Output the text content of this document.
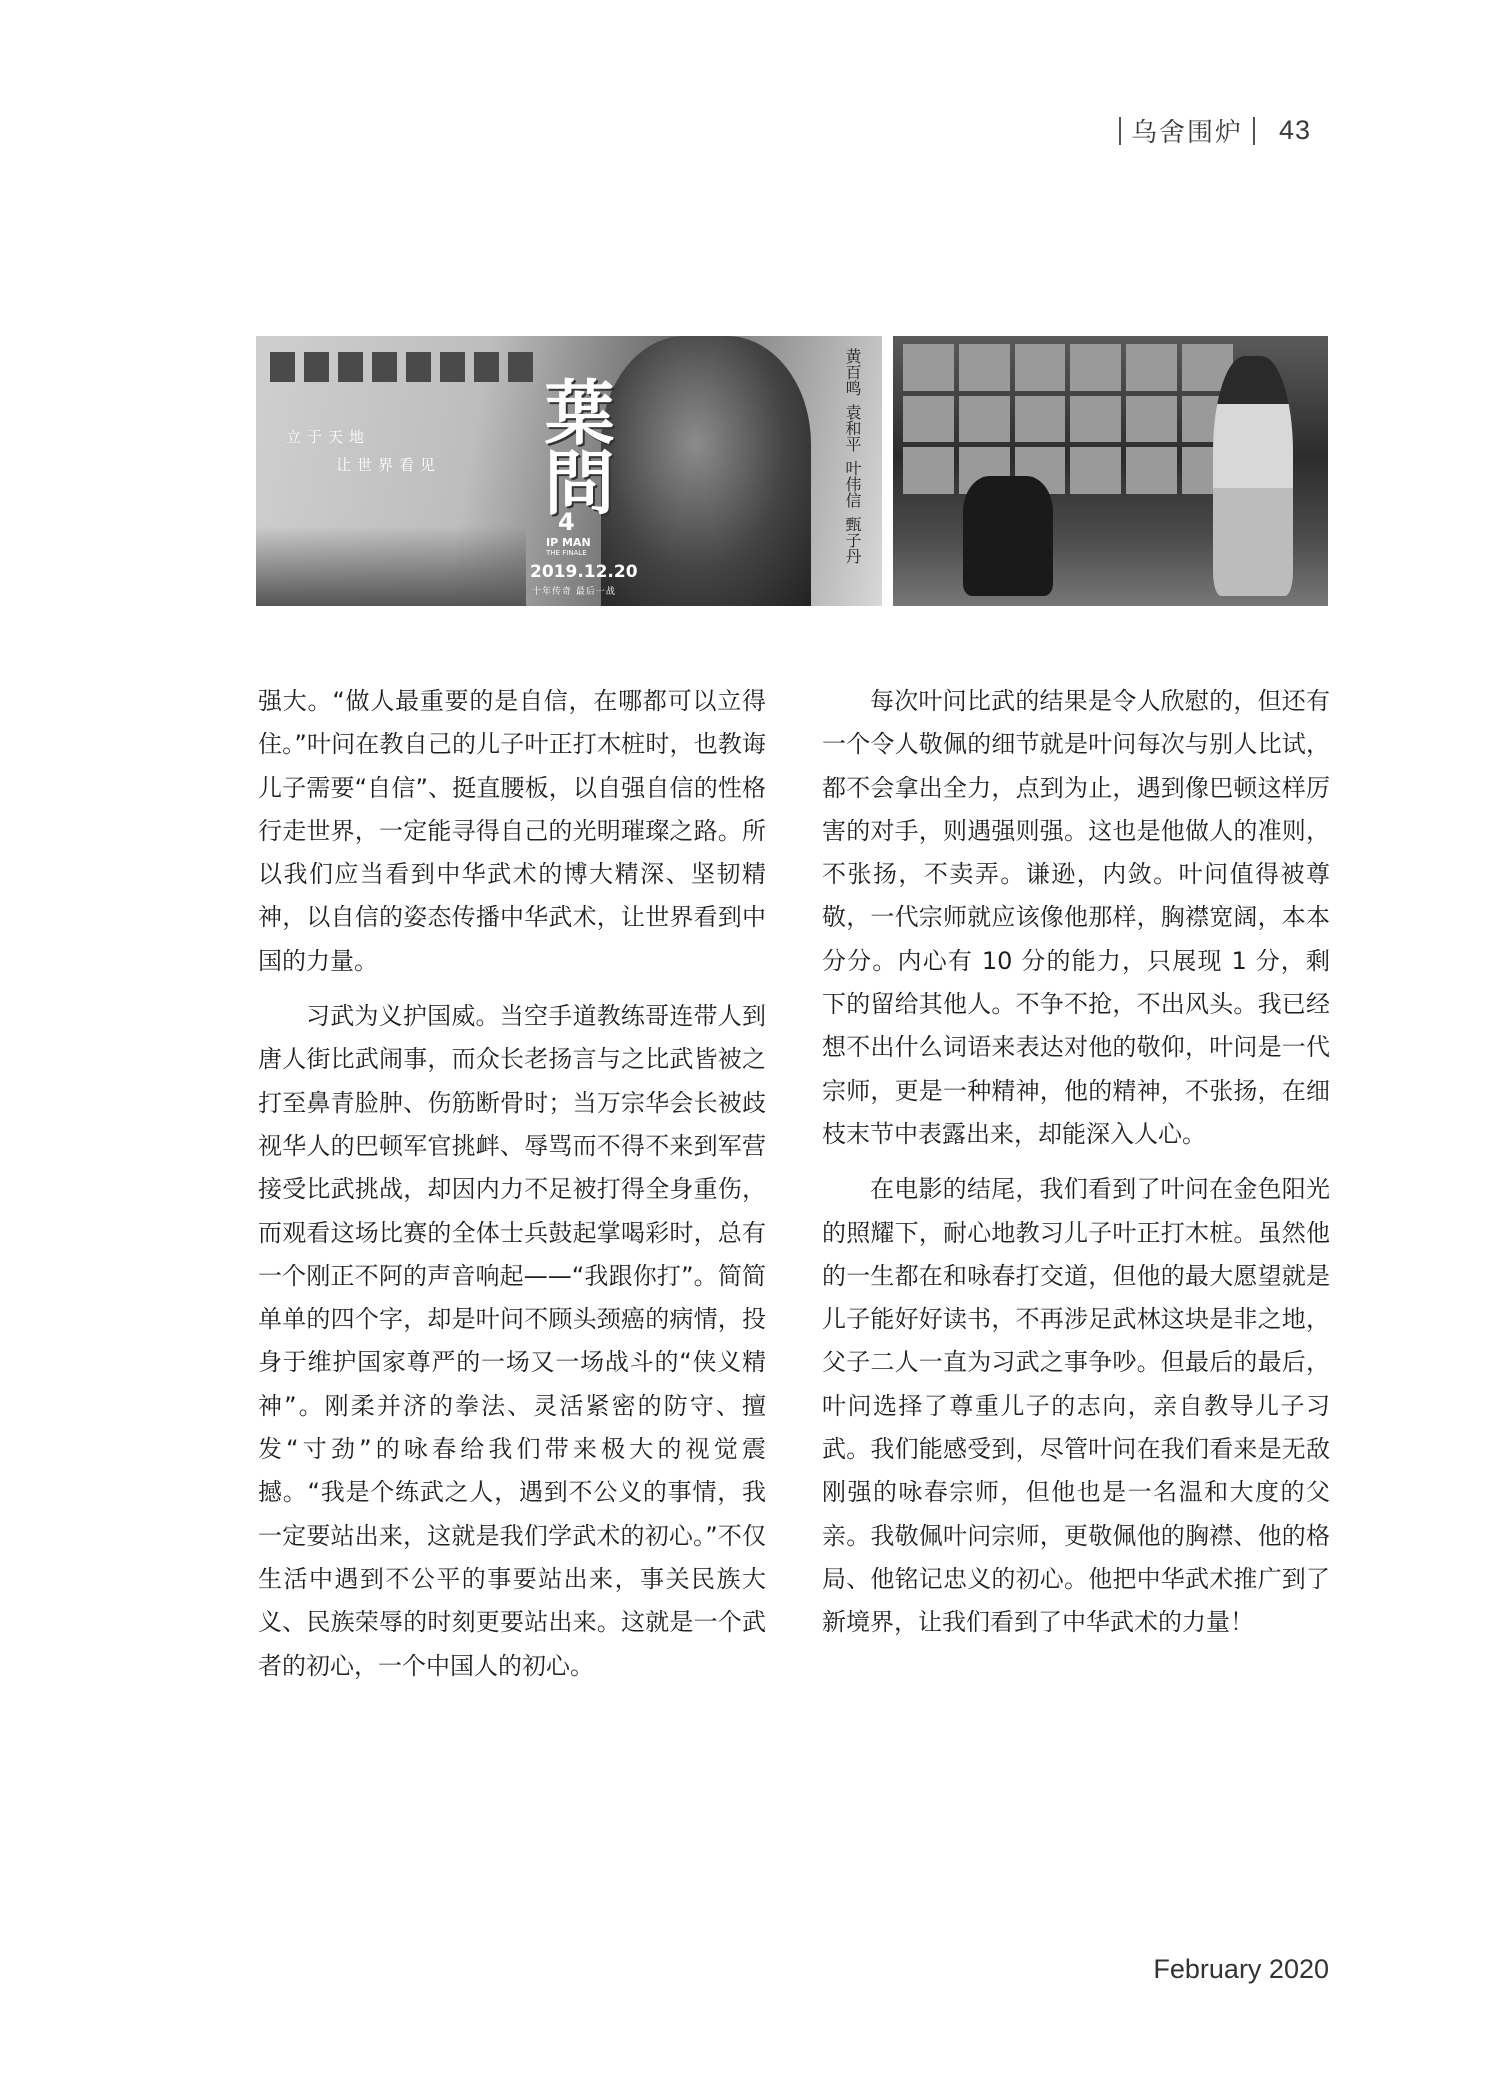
乌舍围炉 43
立于天地
让世界看见 葉問
4
IP MAN
THE FINALE
2019.12.20
十年传奇 最后一战
黄百鸣
袁和平
叶伟信
甄子丹

强大。“做人最重要的是自信，在哪都可以立得住。”叶问在教自己的儿子叶正打木桩时，也教诲儿子需要“自信”、挺直腰板，以自强自信的性格行走世界，一定能寻得自己的光明璀璨之路。所以我们应当看到中华武术的博大精深、坚韧精神，以自信的姿态传播中华武术，让世界看到中国的力量。

习武为义护国威。当空手道教练哥连带人到唐人街比武闹事，而众长老扬言与之比武皆被之打至鼻青脸肿、伤筋断骨时；当万宗华会长被歧视华人的巴顿军官挑衅、辱骂而不得不来到军营接受比武挑战，却因内力不足被打得全身重伤，而观看这场比赛的全体士兵鼓起掌喝彩时，总有一个刚正不阿的声音响起——“我跟你打”。简简单单的四个字，却是叶问不顾头颈癌的病情，投身于维护国家尊严的一场又一场战斗的“侠义精神”。刚柔并济的拳法、灵活紧密的防守、擅发“寸劲”的咏春给我们带来极大的视觉震撼。“我是个练武之人，遇到不公义的事情，我一定要站出来，这就是我们学武术的初心。”不仅生活中遇到不公平的事要站出来，事关民族大义、民族荣辱的时刻更要站出来。这就是一个武者的初心，一个中国人的初心。

每次叶问比武的结果是令人欣慰的，但还有一个令人敬佩的细节就是叶问每次与别人比试，都不会拿出全力，点到为止，遇到像巴顿这样厉害的对手，则遇强则强。这也是他做人的准则，不张扬，不卖弄。谦逊，内敛。叶问值得被尊敬，一代宗师就应该像他那样，胸襟宽阔，本本分分。内心有 10 分的能力，只展现 1 分，剩下的留给其他人。不争不抢，不出风头。我已经想不出什么词语来表达对他的敬仰，叶问是一代宗师，更是一种精神，他的精神，不张扬，在细枝末节中表露出来，却能深入人心。

在电影的结尾，我们看到了叶问在金色阳光的照耀下，耐心地教习儿子叶正打木桩。虽然他的一生都在和咏春打交道，但他的最大愿望就是儿子能好好读书，不再涉足武林这块是非之地，父子二人一直为习武之事争吵。但最后的最后，叶问选择了尊重儿子的志向，亲自教导儿子习武。我们能感受到，尽管叶问在我们看来是无敌刚强的咏春宗师，但他也是一名温和大度的父亲。我敬佩叶问宗师，更敬佩他的胸襟、他的格局、他铭记忠义的初心。他把中华武术推广到了新境界，让我们看到了中华武术的力量！

February 2020
